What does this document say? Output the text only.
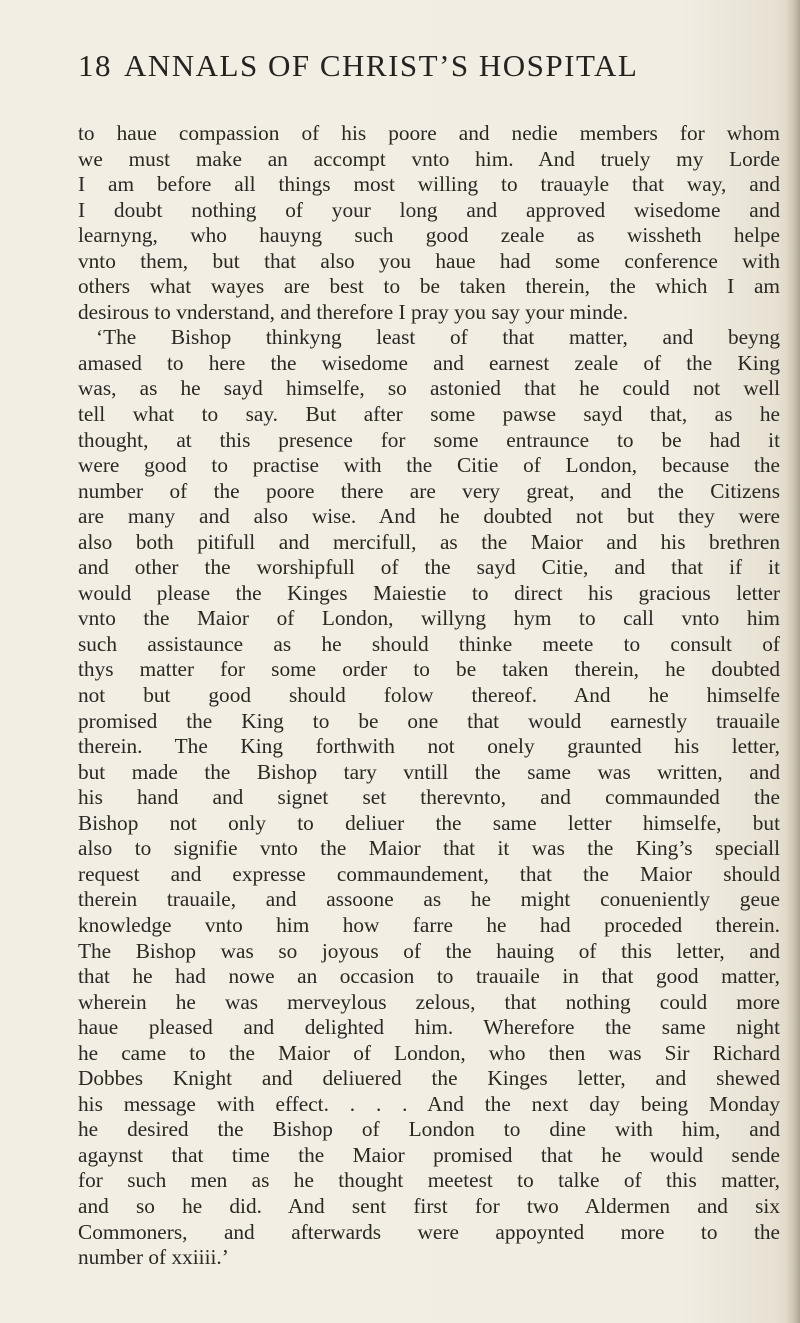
18 ANNALS OF CHRIST’S HOSPITAL
to haue compassion of his poore and nedie members for whom
we must make an accompt vnto him. And truely my Lorde
I am before all things most willing to trauayle that way, and
I doubt nothing of your long and approved wisedome and
learnyng, who hauyng such good zeale as wissheth helpe
vnto them, but that also you haue had some conference with
others what wayes are best to be taken therein, the which I am
desirous to vnderstand, and therefore I pray you say your minde.
‘The Bishop thinkyng least of that matter, and beyng
amased to here the wisedome and earnest zeale of the King
was, as he sayd himselfe, so astonied that he could not well
tell what to say. But after some pawse sayd that, as he
thought, at this presence for some entraunce to be had it
were good to practise with the Citie of London, because the
number of the poore there are very great, and the Citizens
are many and also wise. And he doubted not but they were
also both pitifull and mercifull, as the Maior and his brethren
and other the worshipfull of the sayd Citie, and that if it
would please the Kinges Maiestie to direct his gracious letter
vnto the Maior of London, willyng hym to call vnto him
such assistaunce as he should thinke meete to consult of
thys matter for some order to be taken therein, he doubted
not but good should folow thereof. And he himselfe
promised the King to be one that would earnestly trauaile
therein. The King forthwith not onely graunted his letter,
but made the Bishop tary vntill the same was written, and
his hand and signet set therevnto, and commaunded the
Bishop not only to deliuer the same letter himselfe, but
also to signifie vnto the Maior that it was the King’s speciall
request and expresse commaundement, that the Maior should
therein trauaile, and assoone as he might conueniently geue
knowledge vnto him how farre he had proceded therein.
The Bishop was so joyous of the hauing of this letter, and
that he had nowe an occasion to trauaile in that good matter,
wherein he was merveylous zelous, that nothing could more
haue pleased and delighted him. Wherefore the same night
he came to the Maior of London, who then was Sir Richard
Dobbes Knight and deliuered the Kinges letter, and shewed
his message with effect. . . . And the next day being Monday
he desired the Bishop of London to dine with him, and
agaynst that time the Maior promised that he would sende
for such men as he thought meetest to talke of this matter,
and so he did. And sent first for two Aldermen and six
Commoners, and afterwards were appoynted more to the
number of xxiiii.’
